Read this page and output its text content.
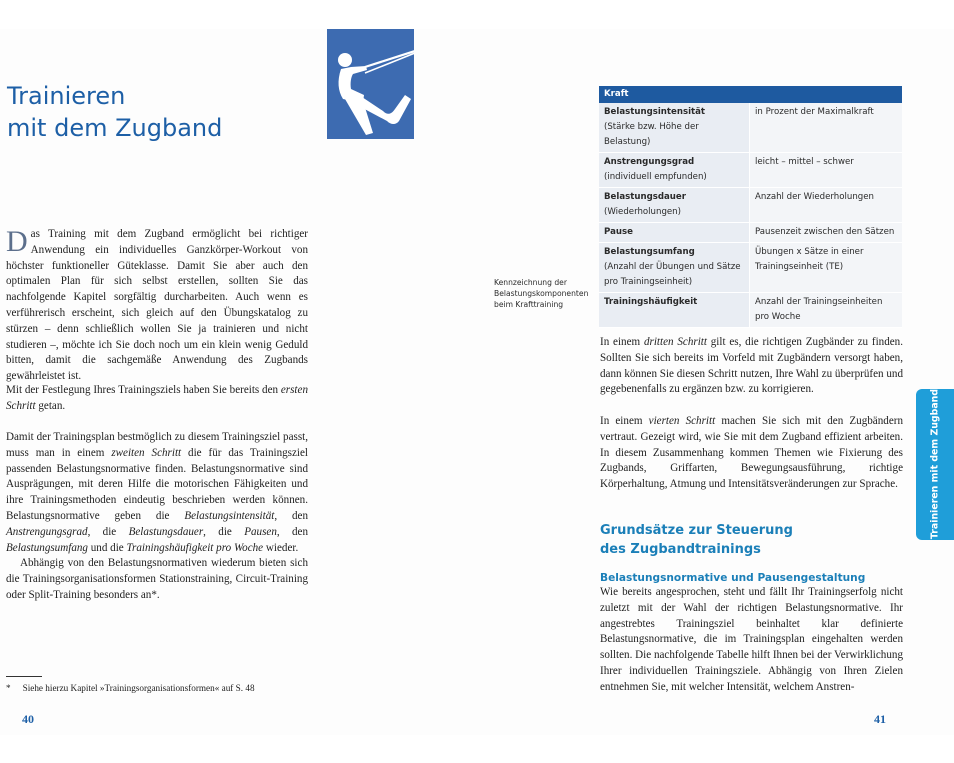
Trainieren
mit dem Zugband

Das Training mit dem Zugband ermöglicht bei richtiger Anwendung ein individuelles Ganzkörper-Workout von höchster funktioneller Güteklasse. Damit Sie aber auch den optimalen Plan für sich selbst erstellen, sollten Sie das nachfolgende Kapitel sorgfältig durcharbeiten. Auch wenn es verführerisch erscheint, sich gleich auf den Übungskatalog zu stürzen – denn schließlich wollen Sie ja trainieren und nicht studieren –, möchte ich Sie doch noch um ein klein wenig Geduld bitten, damit die sachgemäße Anwendung des Zugbands gewährleistet ist.

Mit der Festlegung Ihres Trainingsziels haben Sie bereits den ersten Schritt getan.

Damit der Trainingsplan bestmöglich zu diesem Trainingsziel passt, muss man in einem zweiten Schritt die für das Trainingsziel passenden Belastungsnormative finden. Belastungsnormative sind Ausprägungen, mit deren Hilfe die motorischen Fähigkeiten und ihre Trainingsmethoden eindeutig beschrieben werden können. Belastungsnormative geben die Belastungsintensität, den Anstrengungsgrad, die Belastungsdauer, die Pausen, den Belastungsumfang und die Trainingshäufigkeit pro Woche wieder.

Abhängig von den Belastungsnormativen wiederum bieten sich die Trainingsorganisationsformen Stationstraining, Circuit-Training oder Split-Training besonders an*.

* Siehe hierzu Kapitel »Trainingsorganisationsformen« auf S. 48
40
Kennzeichnung der Belastungskomponenten beim Krafttraining
Kraft	

Belastungsintensität
(Stärke bzw. Höhe der Belastung)	in Prozent der Maximalkraft

Anstrengungsgrad
(individuell empfunden)	leicht – mittel – schwer

Belastungsdauer
(Wiederholungen)	Anzahl der Wiederholungen

Pause	Pausenzeit zwischen den Sätzen

Belastungsumfang
(Anzahl der Übungen und Sätze pro Trainingseinheit)	Übungen x Sätze in einer Trainingseinheit (TE)

Trainingshäufigkeit	Anzahl der Trainingseinheiten pro Woche

In einem dritten Schritt gilt es, die richtigen Zugbänder zu finden. Sollten Sie sich bereits im Vorfeld mit Zugbändern versorgt haben, dann können Sie diesen Schritt nutzen, Ihre Wahl zu überprüfen und gegebenenfalls zu ergänzen bzw. zu korrigieren.

In einem vierten Schritt machen Sie sich mit den Zugbändern vertraut. Gezeigt wird, wie Sie mit dem Zugband effizient arbeiten. In diesem Zusammenhang kommen Themen wie Fixierung des Zugbands, Griffarten, Bewegungsausführung, richtige Körperhaltung, Atmung und Intensitätsveränderungen zur Sprache.

Grundsätze zur Steuerung
des Zugbandtrainings
Belastungsnormative und Pausengestaltung

Wie bereits angesprochen, steht und fällt Ihr Trainingserfolg nicht zuletzt mit der Wahl der richtigen Belastungsnormative. Ihr angestrebtes Trainingsziel beinhaltet klar definierte Belastungsnormative, die im Trainingsplan eingehalten werden sollten. Die nachfolgende Tabelle hilft Ihnen bei der Verwirklichung Ihrer individuellen Trainingsziele. Abhängig von Ihren Zielen entnehmen Sie, mit welcher Intensität, welchem Anstren-

41
Trainieren mit dem Zugband
